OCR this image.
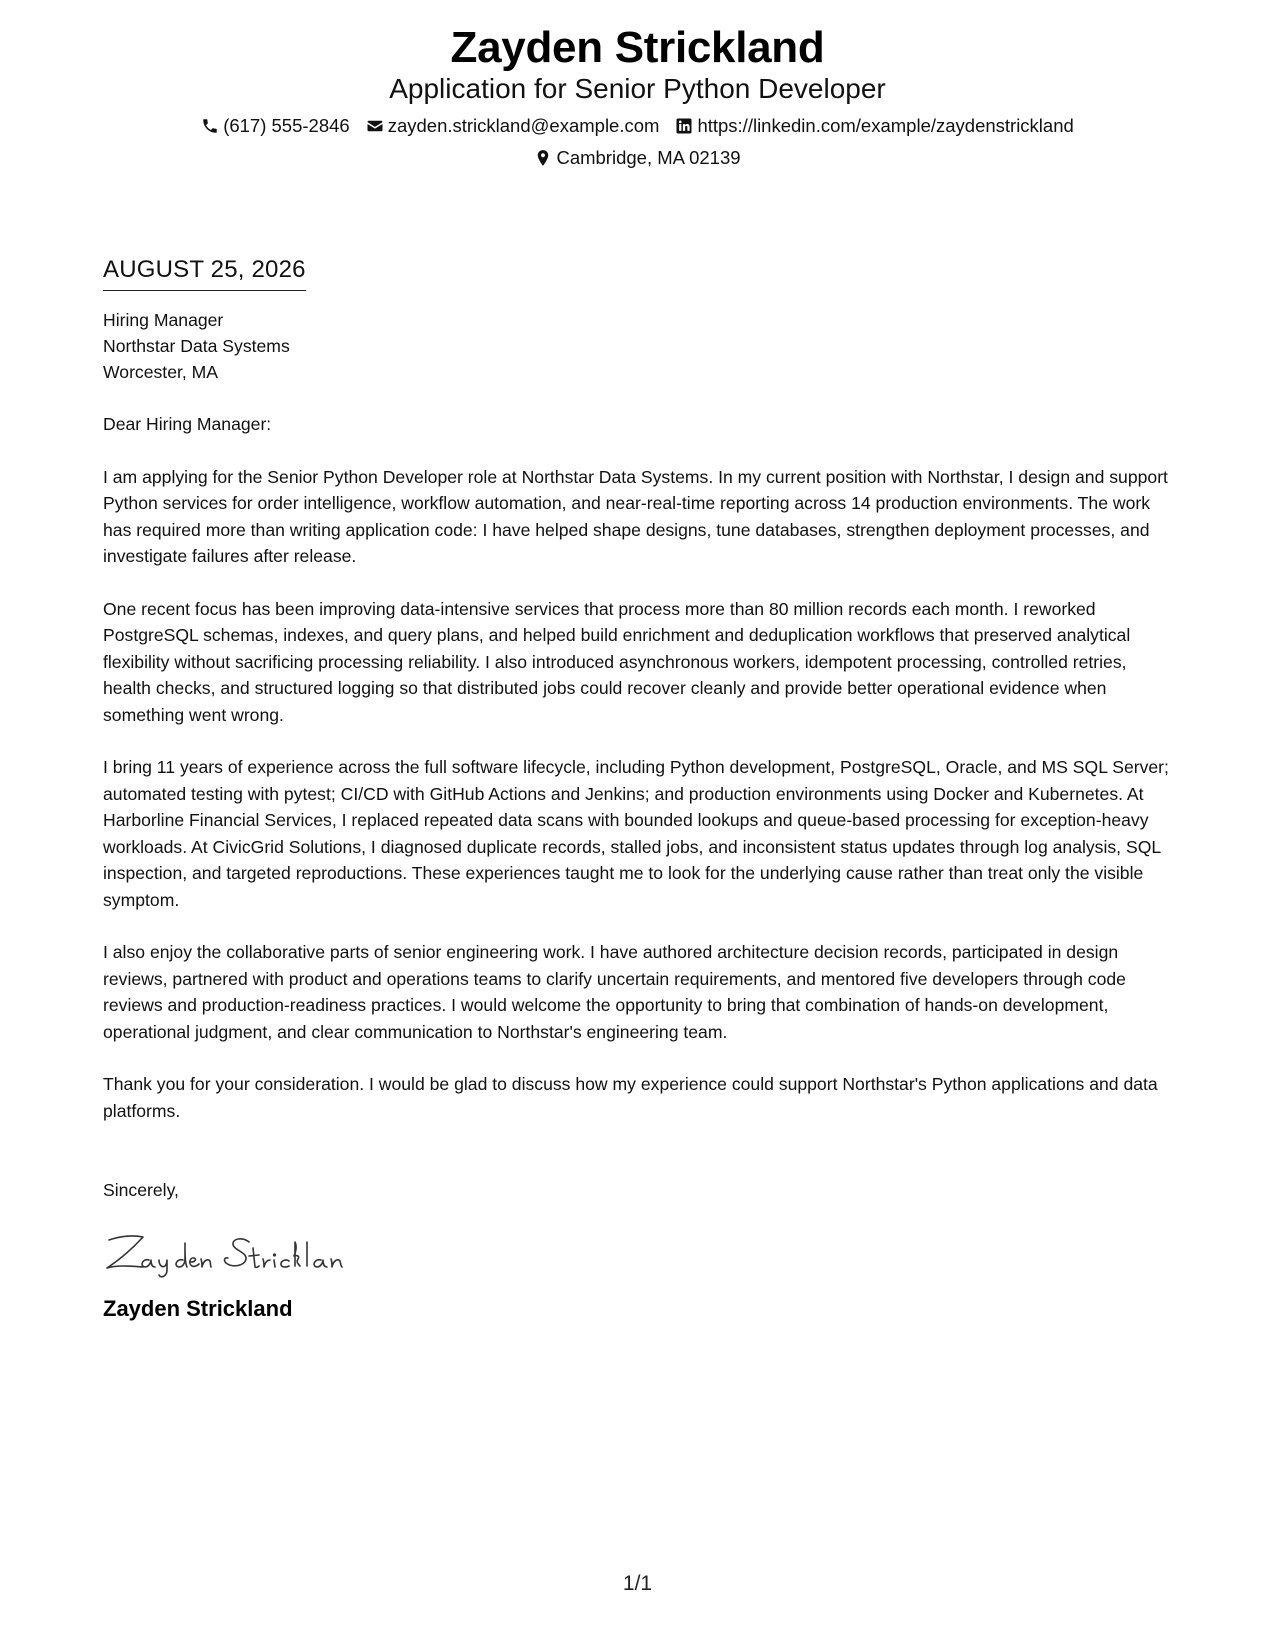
Zayden Strickland
Application for Senior Python Developer
(617) 555-2846 zayden.strickland@example.com https://linkedin.com/example/zaydenstrickland
Cambridge, MA 02139
AUGUST 25, 2026
Hiring Manager
Northstar Data Systems
Worcester, MA
Dear Hiring Manager:

I am applying for the Senior Python Developer role at Northstar Data Systems. In my current position with Northstar, I design and support Python services for order intelligence, workflow automation, and near-real-time reporting across 14 production environments. The work has required more than writing application code: I have helped shape designs, tune databases, strengthen deployment processes, and investigate failures after release.

One recent focus has been improving data-intensive services that process more than 80 million records each month. I reworked PostgreSQL schemas, indexes, and query plans, and helped build enrichment and deduplication workflows that preserved analytical flexibility without sacrificing processing reliability. I also introduced asynchronous workers, idempotent processing, controlled retries, health checks, and structured logging so that distributed jobs could recover cleanly and provide better operational evidence when something went wrong.

I bring 11 years of experience across the full software lifecycle, including Python development, PostgreSQL, Oracle, and MS SQL Server; automated testing with pytest; CI/CD with GitHub Actions and Jenkins; and production environments using Docker and Kubernetes. At Harborline Financial Services, I replaced repeated data scans with bounded lookups and queue-based processing for exception-heavy workloads. At CivicGrid Solutions, I diagnosed duplicate records, stalled jobs, and inconsistent status updates through log analysis, SQL inspection, and targeted reproductions. These experiences taught me to look for the underlying cause rather than treat only the visible symptom.

I also enjoy the collaborative parts of senior engineering work. I have authored architecture decision records, participated in design reviews, partnered with product and operations teams to clarify uncertain requirements, and mentored five developers through code reviews and production-readiness practices. I would welcome the opportunity to bring that combination of hands-on development, operational judgment, and clear communication to Northstar's engineering team.

Thank you for your consideration. I would be glad to discuss how my experience could support Northstar's Python applications and data platforms.

Sincerely,
Zayden Strickland
1/1
